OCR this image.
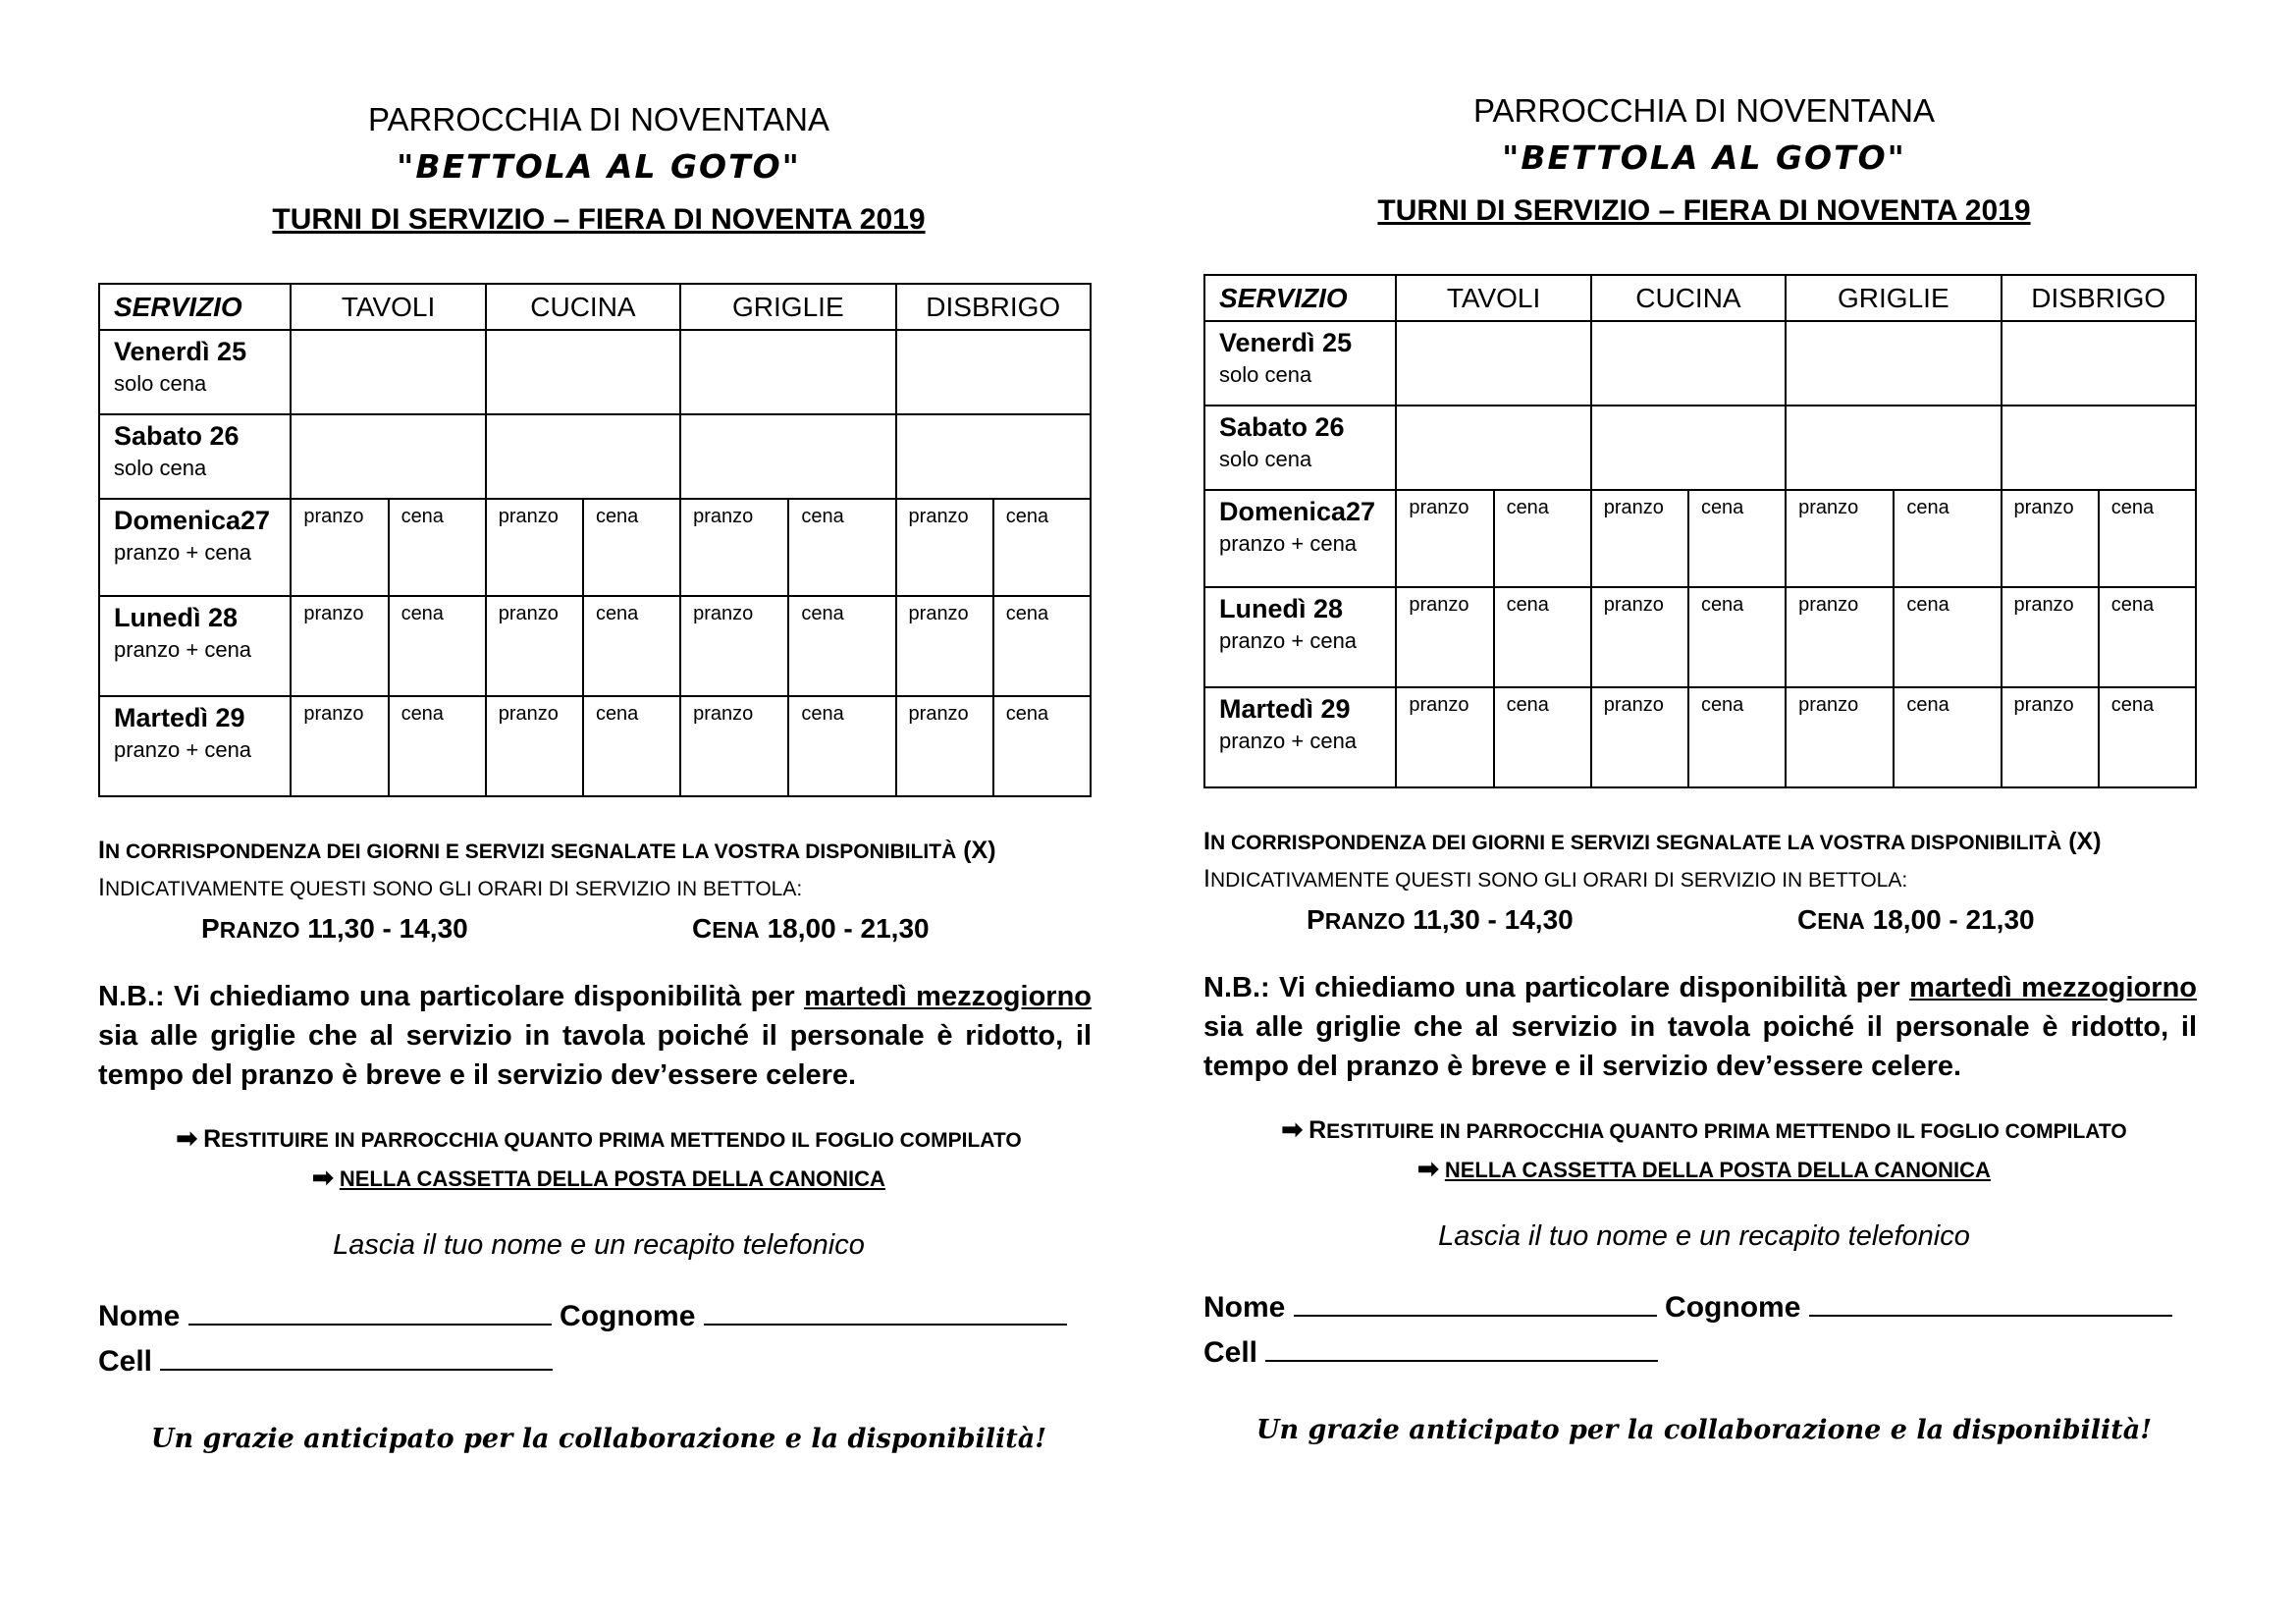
PARROCCHIA DI NOVENTANA
"BETTOLA AL GOTO"
TURNI DI SERVIZIO – FIERA DI NOVENTA 2019
SERVIZIO	TAVOLI		CUCINA		GRIGLIE		DISBRIGO	

Venerdì 25
solo cena								

Sabato 26
solo cena								

Domenica27
pranzo + cena	pranzo	cena	pranzo	cena	pranzo	cena	pranzo	cena

Lunedì 28
pranzo + cena	pranzo	cena	pranzo	cena	pranzo	cena	pranzo	cena

Martedì 29
pranzo + cena	pranzo	cena	pranzo	cena	pranzo	cena	pranzo	cena
IN CORRISPONDENZA DEI GIORNI E SERVIZI SEGNALATE LA VOSTRA DISPONIBILITÀ (X)
INDICATIVAMENTE QUESTI SONO GLI ORARI DI SERVIZIO IN BETTOLA:
PRANZO 11,30 - 14,30	CENA 18,00 - 21,30
N.B.: Vi chiediamo una particolare disponibilità per martedì mezzogiorno sia alle griglie che al servizio in tavola poiché il personale è ridotto, il tempo del pranzo è breve e il servizio dev’essere celere.
➡ RESTITUIRE IN PARROCCHIA QUANTO PRIMA METTENDO IL FOGLIO COMPILATO
➡ NELLA CASSETTA DELLA POSTA DELLA CANONICA
Lascia il tuo nome e un recapito telefonico
Nome	Cognome
Cell
Un grazie anticipato per la collaborazione e la disponibilità!
PARROCCHIA DI NOVENTANA
"BETTOLA AL GOTO"
TURNI DI SERVIZIO – FIERA DI NOVENTA 2019
SERVIZIO	TAVOLI		CUCINA		GRIGLIE		DISBRIGO	

Venerdì 25
solo cena								

Sabato 26
solo cena								

Domenica27
pranzo + cena	pranzo	cena	pranzo	cena	pranzo	cena	pranzo	cena

Lunedì 28
pranzo + cena	pranzo	cena	pranzo	cena	pranzo	cena	pranzo	cena

Martedì 29
pranzo + cena	pranzo	cena	pranzo	cena	pranzo	cena	pranzo	cena
IN CORRISPONDENZA DEI GIORNI E SERVIZI SEGNALATE LA VOSTRA DISPONIBILITÀ (X)
INDICATIVAMENTE QUESTI SONO GLI ORARI DI SERVIZIO IN BETTOLA:
PRANZO 11,30 - 14,30	CENA 18,00 - 21,30
N.B.: Vi chiediamo una particolare disponibilità per martedì mezzogiorno sia alle griglie che al servizio in tavola poiché il personale è ridotto, il tempo del pranzo è breve e il servizio dev’essere celere.
➡ RESTITUIRE IN PARROCCHIA QUANTO PRIMA METTENDO IL FOGLIO COMPILATO
➡ NELLA CASSETTA DELLA POSTA DELLA CANONICA
Lascia il tuo nome e un recapito telefonico
Nome	Cognome
Cell
Un grazie anticipato per la collaborazione e la disponibilità!
